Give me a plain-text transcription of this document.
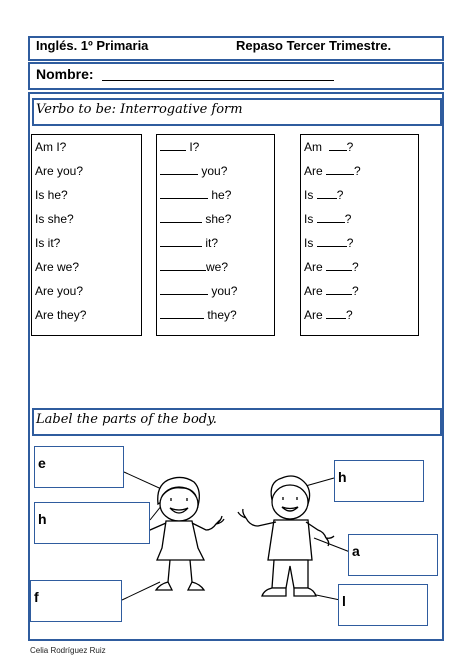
Inglés. 1º Primaria	Repaso Tercer Trimestre.
Nombre:
Verbo to be: Interrogative form
Am I?
Are you?
Is he?
Is she?
Is it?
Are we?
Are you?
Are they?
I?
you?
he?
she?
it?
we?
you?
they?
Am ?
Are	?
Is ?
Is	?
Is	?
Are ?
Are ?
Are ?
Label the parts of the body.
e
h
f
h
a
l
Celia Rodríguez Ruiz
